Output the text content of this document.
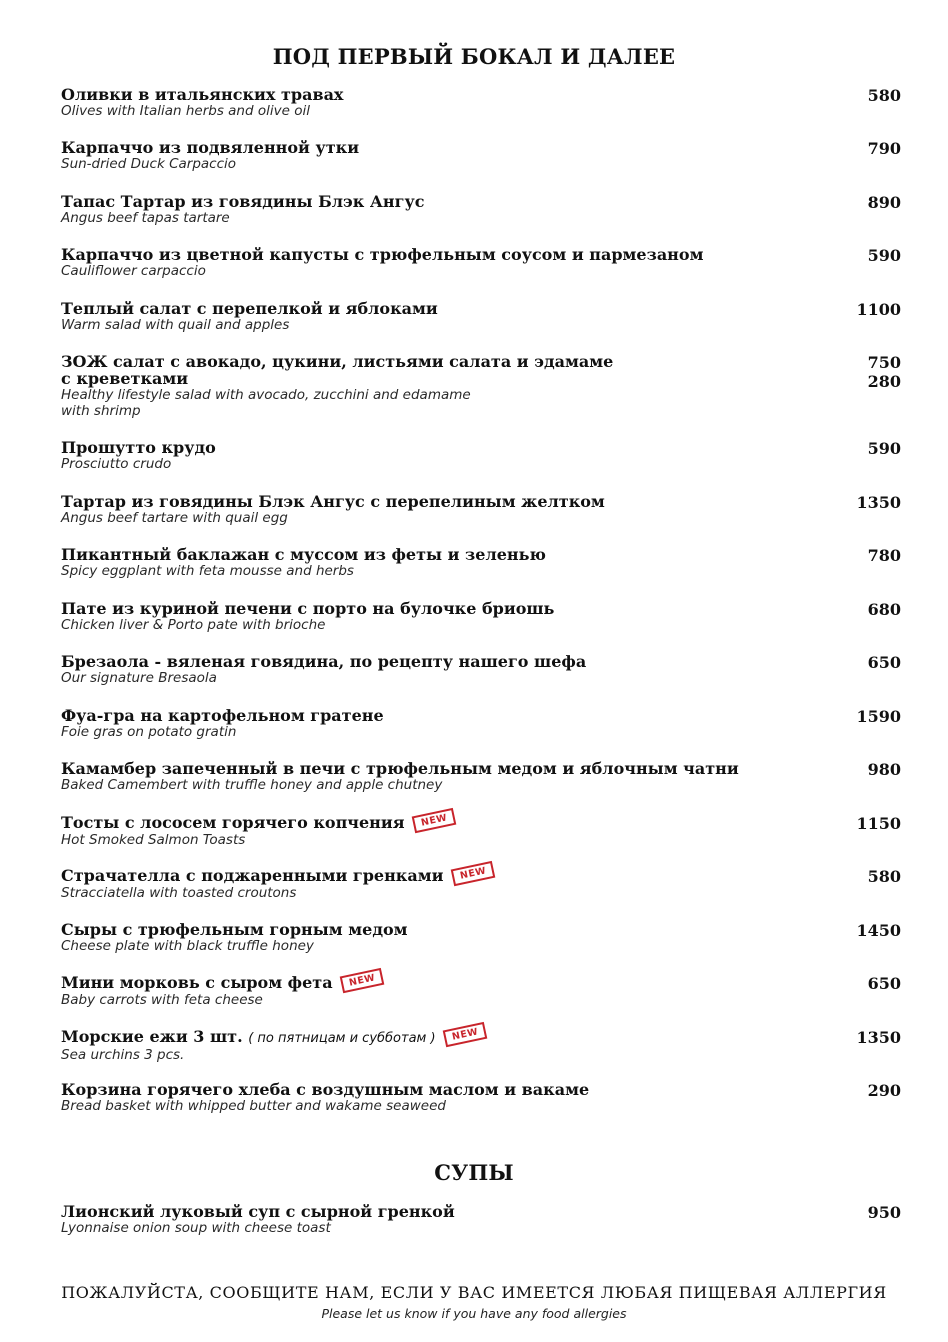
ПОД ПЕРВЫЙ БОКАЛ И ДАЛЕЕ
Оливки в итальянских травах
Olives with Italian herbs and olive oil
580
Карпаччо из подвяленной утки
Sun-dried Duck Carpaccio
790
Тапас Тартар из говядины Блэк Ангус
Angus beef tapas tartare
890
Карпаччо из цветной капусты с трюфельным соусом и пармезаном
Cauliflower carpaccio
590
Теплый салат с перепелкой и яблоками
Warm salad with quail and apples
1100
ЗОЖ салат с авокадо, цукини, листьями салата и эдамаме с креветками
Healthy lifestyle salad with avocado, zucchini and edamame with shrimp
750
280
Прошутто крудо
Prosciutto crudo
590
Тартар из говядины Блэк Ангус с перепелиным желтком
Angus beef tartare with quail egg
1350
Пикантный баклажан с муссом из феты и зеленью
Spicy eggplant with feta mousse and herbs
780
Пате из куриной печени с порто на булочке бриошь
Chicken liver & Porto pate with brioche
680
Брезаола - вяленая говядина, по рецепту нашего шефа
Our signature Bresaola
650
Фуа-гра на картофельном гратене
Foie gras on potato gratin
1590
Камамбер запеченный в печи с трюфельным медом и яблочным чатни
Baked Camembert with truffle honey and apple chutney
980
Тосты с лососем горячего копчения NEW
Hot Smoked Salmon Toasts
1150
Страчателла с поджаренными гренками NEW
Stracciatella with toasted croutons
580
Сыры с трюфельным горным медом
Cheese plate with black truffle honey
1450
Мини морковь с сыром фета NEW
Baby carrots with feta cheese
650
Морские ежи 3 шт. ( по пятницам и субботам ) NEW
Sea urchins 3 pcs.
1350
Корзина горячего хлеба с воздушным маслом и вакаме
Bread basket with whipped butter and wakame seaweed
290
СУПЫ
Лионский луковый суп с сырной гренкой
Lyonnaise onion soup with cheese toast
950
ПОЖАЛУЙСТА, СООБЩИТЕ НАМ, ЕСЛИ У ВАС ИМЕЕТСЯ ЛЮБАЯ ПИЩЕВАЯ АЛЛЕРГИЯ
Please let us know if you have any food allergies
